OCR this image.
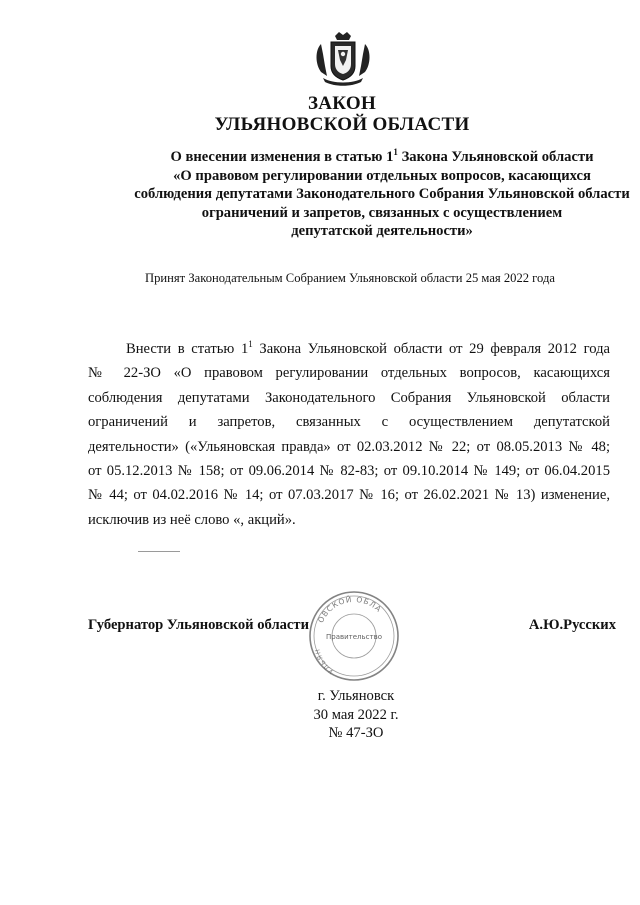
ЗАКОН
УЛЬЯНОВСКОЙ ОБЛАСТИ
О внесении изменения в статью $1^1$ Закона Ульяновской области
«О правовом регулировании отдельных вопросов, касающихся
соблюдения депутатами Законодательного Собрания Ульяновской области
ограничений и запретов, связанных с осуществлением
депутатской деятельности»
Принят Законодательным Собранием Ульяновской области 25 мая 2022 года
Внести в статью $1^1$ Закона Ульяновской области от 29 февраля 2012 года
№ 22-ЗО «О правовом регулировании отдельных вопросов, касающихся
соблюдения депутатами Законодательного Собрания Ульяновской области
ограничений и запретов, связанных с осуществлением депутатской
деятельности» («Ульяновская правда» от 02.03.2012 № 22; от 08.05.2013 № 48;
от 05.12.2013 № 158; от 09.06.2014 № 82-83; от 09.10.2014 № 149; от 06.04.2015
№ 44; от 04.02.2016 № 14; от 07.03.2017 № 16; от 26.02.2021 № 13) изменение,
исключив из неё слово «, акций».
Губернатор Ульяновской области	А.Ю.Русских
ОВСКОЙ ОБЛА
УЛЬЯН
Правительство
г. Ульяновск
30 мая 2022 г.
№ 47-ЗО
